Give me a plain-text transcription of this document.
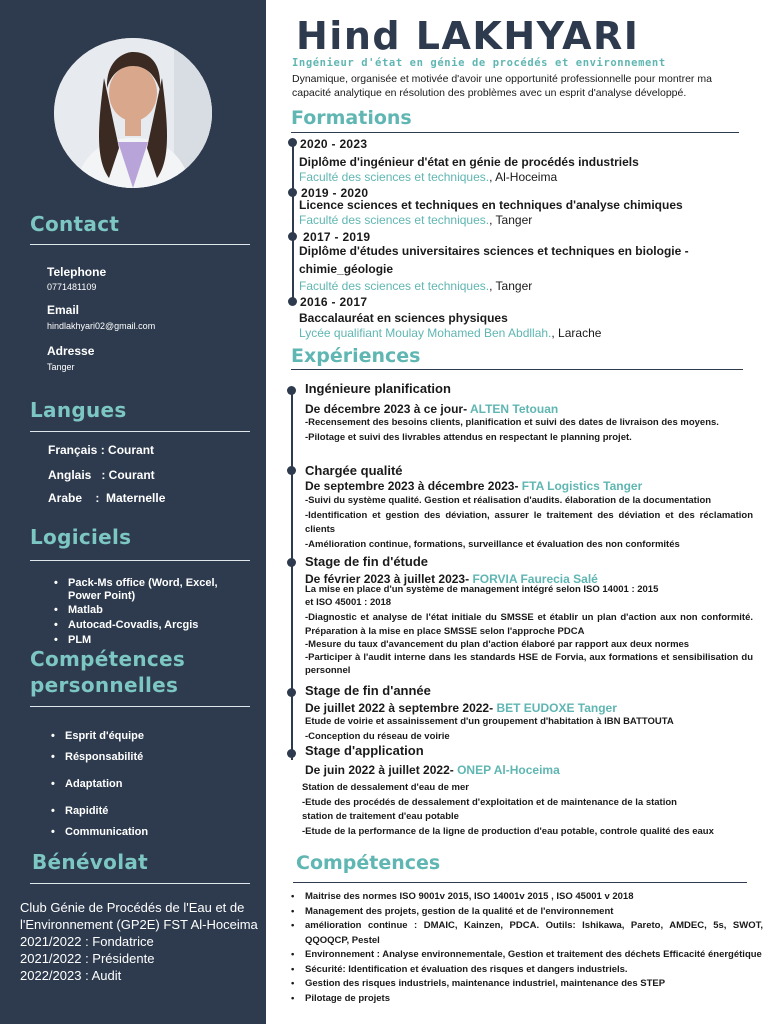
Contact
Telephone
0771481109
Email
hindlakhyari02@gmail.com
Adresse
Tanger
Langues
Français : Courant
Anglais   : Courant
Arabe    :  Maternelle
Logiciels
• Pack-Ms office (Word, Excel, Power Point)
• Matlab
• Autocad-Covadis, Arcgis
• PLM
Compétences
personnelles
• Esprit d'équipe
• Résponsabilité
• Adaptation
• Rapidité
• Communication
Bénévolat
Club Génie de Procédés de l'Eau et de
l'Environnement (GP2E) FST Al-Hoceima
2021/2022 : Fondatrice
2021/2022 : Présidente
2022/2023 : Audit
Hind LAKHYARI
Ingénieur d'état en génie de procédés et environnement
Dynamique, organisée et motivée d'avoir une opportunité professionnelle pour montrer ma capacité analytique en résolution des problèmes avec un esprit d'analyse développé.
Formations
2020 - 2023
Diplôme d'ingénieur d'état en génie de procédés industriels
Faculté des sciences et techniques., Al-Hoceima
2019 - 2020
Licence sciences et techniques en techniques d'analyse chimiques
Faculté des sciences et techniques., Tanger
2017 - 2019
Diplôme d'études universitaires sciences et techniques en biologie - chimie_géologie
Faculté des sciences et techniques., Tanger
2016 - 2017
Baccalauréat en sciences physiques
Lycée qualifiant Moulay Mohamed Ben Abdllah., Larache
Expériences
Ingénieure planification
De décembre 2023 à ce jour- ALTEN Tetouan
-Recensement des besoins clients, planification et suivi des dates de livraison des moyens.
-Pilotage et suivi des livrables attendus en respectant le planning projet.
Chargée qualité
De septembre 2023 à décembre 2023- FTA Logistics Tanger
-Suivi du système qualité. Gestion et réalisation d'audits. élaboration de la documentation
-Identification et gestion des déviation, assurer le traitement des déviation et des réclamation clients
-Amélioration continue, formations, surveillance et évaluation des non conformités
Stage de fin d'étude
De février 2023 à juillet 2023- FORVIA Faurecia Salé
La mise en place d'un système de management intégré selon ISO 14001 : 2015
et ISO 45001 : 2018
-Diagnostic et analyse de l'état initiale du SMSSE et établir un plan d'action aux non conformité. Préparation à la mise en place SMSSE selon l'approche PDCA
-Mesure du taux d'avancement du plan d'action élaboré par rapport aux deux normes
-Participer à l'audit interne dans les standards HSE de Forvia, aux formations et sensibilisation du personnel
Stage de fin d'année
De juillet 2022 à septembre 2022- BET EUDOXE Tanger
Etude de voirie et assainissement d'un groupement d'habitation à IBN BATTOUTA
-Conception du réseau de voirie
Stage d'application
De juin 2022 à juillet 2022- ONEP Al-Hoceima
Station de dessalement d'eau de mer
-Etude des procédés de dessalement d'exploitation et de maintenance de la station
station de traitement d'eau potable
-Etude de la performance de la ligne de production d'eau potable, controle qualité des eaux
Compétences
• Maitrise des normes ISO 9001v 2015, ISO 14001v 2015 , ISO 45001 v 2018
• Management des projets, gestion de la qualité et de l'environnement
• amélioration continue : DMAIC, Kainzen, PDCA. Outils: Ishikawa, Pareto, AMDEC, 5s, SWOT, QQOQCP, Pestel
• Environnement : Analyse environnementale, Gestion et traitement des déchets Efficacité énergétique
• Sécurité: Identification et évaluation des risques et dangers industriels.
• Gestion des risques industriels, maintenance industriel, maintenance des STEP
• Pilotage de projets
